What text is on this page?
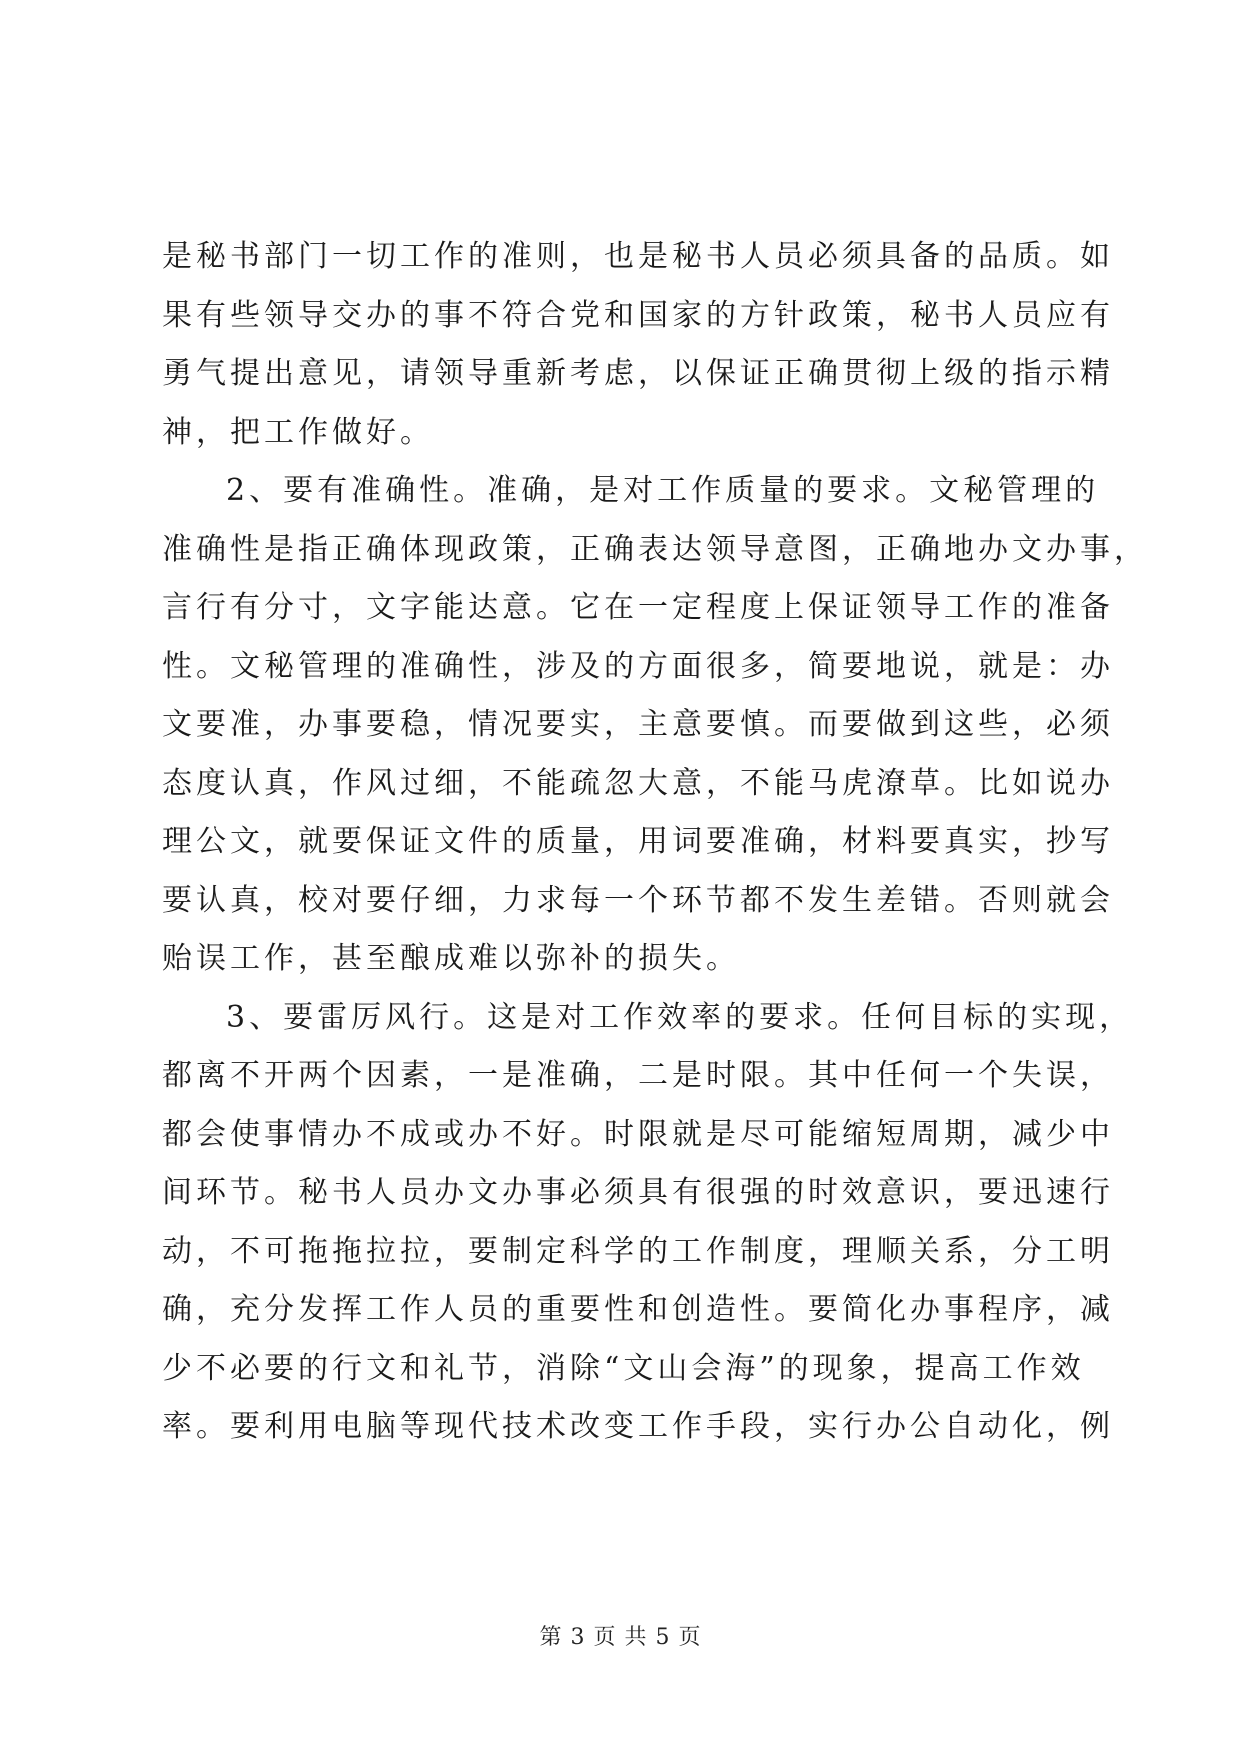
是秘书部门一切工作的准则，也是秘书人员必须具备的品质。如
果有些领导交办的事不符合党和国家的方针政策，秘书人员应有
勇气提出意见，请领导重新考虑，以保证正确贯彻上级的指示精
神，把工作做好。
2、要有准确性。准确，是对工作质量的要求。文秘管理的
准确性是指正确体现政策，正确表达领导意图，正确地办文办事，
言行有分寸，文字能达意。它在一定程度上保证领导工作的准备
性。文秘管理的准确性，涉及的方面很多，简要地说，就是：办
文要准，办事要稳，情况要实，主意要慎。而要做到这些，必须
态度认真，作风过细，不能疏忽大意，不能马虎潦草。比如说办
理公文，就要保证文件的质量，用词要准确，材料要真实，抄写
要认真，校对要仔细，力求每一个环节都不发生差错。否则就会
贻误工作，甚至酿成难以弥补的损失。
3、要雷厉风行。这是对工作效率的要求。任何目标的实现，
都离不开两个因素，一是准确，二是时限。其中任何一个失误，
都会使事情办不成或办不好。时限就是尽可能缩短周期，减少中
间环节。秘书人员办文办事必须具有很强的时效意识，要迅速行
动，不可拖拖拉拉，要制定科学的工作制度，理顺关系，分工明
确，充分发挥工作人员的重要性和创造性。要简化办事程序，减
少不必要的行文和礼节，消除“文山会海”的现象，提高工作效
率。要利用电脑等现代技术改变工作手段，实行办公自动化，例
第 3 页 共 5 页
